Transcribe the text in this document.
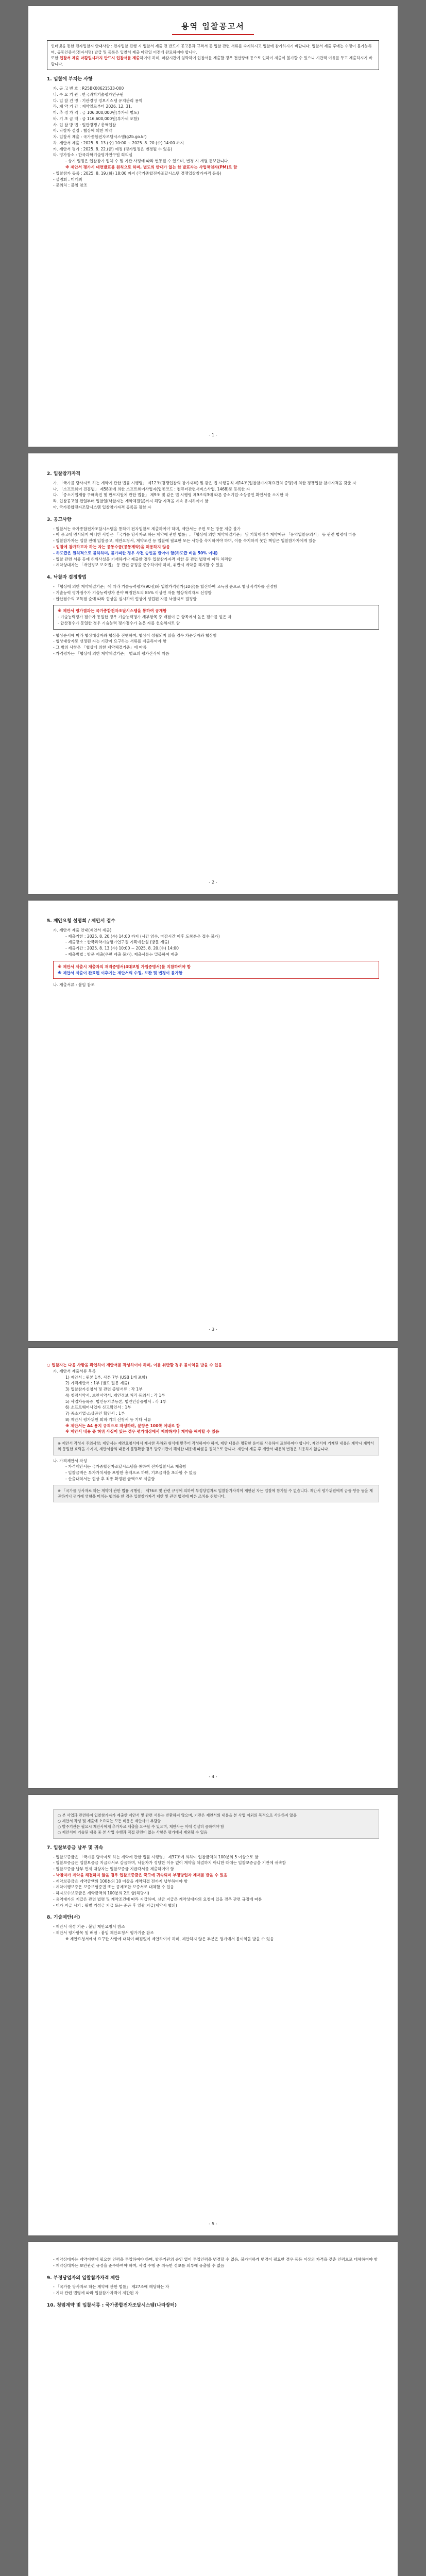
용역 입찰공고서
인터넷을 통한 전자입찰시 안내사항 : 전자입찰 진행 시 입찰서 제출 전 반드시 공고문과 규격서 등 입찰 관련 서류를 숙지하시고 입찰에 참가하시기 바랍니다. 입찰서 제출 후에는 수정이 불가능하며, 공동인증서(전자서명) 발급 및 등록은 입찰서 제출 마감일 이전에 완료하여야 합니다.
또한 입찰서 제출 마감일시까지 반드시 입찰서를 제출하여야 하며, 마감시간에 임박하여 입찰서를 제출할 경우 전산장애 등으로 인하여 제출이 불가할 수 있으니 시간적 여유를 두고 제출하시기 바랍니다.
1. 입찰에 부치는 사항
가. 공 고 번 호 : R25BK00621533-000
나. 수 요 기 관 : 한국과학기술평가연구원
다. 입 찰 건 명 : 기관경영 정보시스템 유지관리 용역
라. 계 약 기 간 : 계약일로부터 2026. 12. 31.
마. 추 정 가 격 : 금 106,000,000원(부가세 별도)
바. 기 초 금 액 : 금 116,600,000원(부가세 포함)
사. 입 찰 방 법 : 일반경쟁 / 총액입찰
아. 낙찰자 결정 : 협상에 의한 계약
자. 입찰서 제출 : 국가종합전자조달시스템(g2b.go.kr)
차. 제안서 제출 : 2025. 8. 13.(수) 10:00 ~ 2025. 8. 20.(수) 14:00 까지
카. 제안서 평가 : 2025. 8. 22.(금) 예정 (평가일정은 변경될 수 있음)
타. 평가장소 : 한국과학기술평가연구원 회의실
- 상기 일정은 입찰참가 업체 수 및 기관 사정에 따라 변동될 수 있으며, 변경 시 개별 통보합니다.
※ 제안서 평가시 대면발표를 원칙으로 하며, 별도의 안내가 없는 한 발표자는 사업책임자(PM)로 함
- 입찰참가 등록 : 2025. 8. 19.(화) 18:00 까지 (국가종합전자조달시스템 경쟁입찰참가자격 등록)
- 설명회 : 미개최
- 문의처 : 붙임 참조
- 1 -
2. 입찰참가자격
가. 「국가를 당사자로 하는 계약에 관한 법률 시행령」 제12조(경쟁입찰의 참가자격) 및 같은 법 시행규칙 제14조(입찰참가자격요건의 증명)에 의한 경쟁입찰 참가자격을 갖춘 자
나. 「소프트웨어 진흥법」 제58조에 의한 소프트웨어사업자(업종코드 : 컴퓨터관련서비스사업, 1468)로 등록한 자
다. 「중소기업제품 구매촉진 및 판로지원에 관한 법률」 제9조 및 같은 법 시행령 제9조의3에 따른 중소기업·소상공인 확인서를 소지한 자
라. 입찰공고일 전일부터 입찰일(낙찰자는 계약체결일)까지 해당 자격을 계속 유지하여야 함
마. 국가종합전자조달시스템 입찰참가자격 등록을 필한 자
3. 공고사항
- 입찰서는 국가종합전자조달시스템을 통하여 전자입찰로 제출하여야 하며, 제안서는 우편 또는 방문 제출 불가
- 이 공고에 명시되지 아니한 사항은 「국가를 당사자로 하는 계약에 관한 법률」, 「협상에 의한 계약체결기준」 및 기획재정부 계약예규 「용역입찰유의서」 등 관련 법령에 따름
- 입찰참가자는 입찰 전에 입찰공고, 제안요청서, 계약조건 등 입찰에 필요한 모든 사항을 숙지하여야 하며, 이를 숙지하지 못한 책임은 입찰참가자에게 있음
- 입찰에 참가하고자 하는 자는 공동수급(공동계약)을 허용하지 않음
- 하도급은 원칙적으로 불허하며, 불가피한 경우 사전 승인을 받아야 함(하도급 비율 50% 이내)
- 입찰 관련 서류 등에 허위사실을 기재하거나 제출한 경우 입찰참가자격 제한 등 관련 법령에 따라 처리함
- 계약상대자는 「개인정보 보호법」 등 관련 규정을 준수하여야 하며, 위반시 계약을 해지할 수 있음
4. 낙찰자 결정방법
- 「협상에 의한 계약체결기준」에 따라 기술능력평가(90점)와 입찰가격평가(10점)를 합산하여 고득점 순으로 협상적격자를 선정함
- 기술능력 평가점수가 기술능력평가 분야 배점한도의 85% 이상인 자를 협상적격자로 선정함
- 합산점수의 고득점 순에 따라 협상을 실시하여 협상이 성립된 자를 낙찰자로 결정함
※ 제안서 평가결과는 국가종합전자조달시스템을 통하여 공개함
- 기술능력평가 점수가 동일한 경우 기술능력평가 세부항목 중 배점이 큰 항목에서 높은 점수를 얻은 자
- 합산점수가 동일한 경우 기술능력 평가점수가 높은 자를 선순위자로 함
- 협상순서에 따라 협상대상자와 협상을 진행하며, 협상이 성립되지 않을 경우 차순위자와 협상함
- 협상대상자로 선정된 자는 기관이 요구하는 서류를 제출하여야 함
- 그 밖의 사항은 「협상에 의한 계약체결기준」에 따름
- 가격평가는 「협상에 의한 계약체결기준」 별표의 평가산식에 따름
- 2 -
5. 제안요청 설명회 / 제안서 접수
가. 제안서 제출 안내(제안서 제출)
- 제출기한 : 2025. 8. 20.(수) 14:00 까지 (시간 엄수, 마감시간 이후 도착분은 접수 불가)
- 제출장소 : 한국과학기술평가연구원 기획예산실 (방문 제출)
- 제출기간 : 2025. 8. 13.(수) 10:00 ~ 2025. 8. 20.(수) 14:00
- 제출방법 : 방문 제출(우편 제출 불가), 제출서류는 밀봉하여 제출
※ 제안서 제출시 제출자의 재직증명서(4대보험 가입증명서)를 지참하여야 함
※ 제안서 제출이 완료된 이후에는 제안서의 수정, 보완 및 변경이 불가함
나. 제출서류 : 붙임 참조
- 3 -
○ 입찰자는 다음 사항을 확인하여 제안서를 작성하여야 하며, 이를 위반할 경우 불이익을 받을 수 있음
가. 제안서 제출서류 목록
1) 제안서 : 원본 1부, 사본 7부 (USB 1개 포함)
2) 가격제안서 : 1부 (별도 밀봉 제출)
3) 입찰참가신청서 및 관련 증빙서류 : 각 1부
4) 청렴서약서, 보안서약서, 개인정보 처리 동의서 : 각 1부
5) 사업자등록증, 법인등기부등본, 법인인감증명서 : 각 1부
6) 소프트웨어사업자 신고확인서 : 1부
7) 중소기업·소상공인 확인서 : 1부
8) 제안서 평가위원 회피·기피 신청서 등 기타 서류
※ 제안서는 A4 용지 규격으로 작성하며, 분량은 100쪽 이내로 함
※ 제안서 내용 중 허위 사실이 있는 경우 평가대상에서 제외하거나 계약을 해지할 수 있음
※ 제안서 작성시 주의사항: 제안서는 제안요청서에서 제시한 목차와 형식에 맞추어 작성하여야 하며, 제안 내용은 명확한 용어를 사용하여 표현하여야 합니다. 제안서에 기재된 내용은 계약시 계약서와 동일한 효력을 가지며, 제안서상의 내용이 불명확한 경우 발주기관이 해석한 내용에 따름을 원칙으로 합니다. 제안서 제출 후 제안서 내용의 변경은 허용하지 않습니다.
나. 가격제안서 작성
- 가격제안서는 국가종합전자조달시스템을 통하여 전자입찰서로 제출함
- 입찰금액은 부가가치세를 포함한 총액으로 하며, 기초금액을 초과할 수 없음
- 산출내역서는 협상 후 최종 확정된 금액으로 제출함
※ 「국가를 당사자로 하는 계약에 관한 법률 시행령」 제76조 및 관련 규정에 의하여 부정당업자로 입찰참가자격이 제한된 자는 입찰에 참가할 수 없습니다. 제안서 평가위원에게 금품·향응 등을 제공하거나 평가에 영향을 미치는 행위를 한 경우 입찰참가자격 제한 및 관련 법령에 따른 조치를 취합니다.
- 4 -
○ 본 사업과 관련하여 입찰참가자가 제출한 제안서 및 관련 서류는 반환하지 않으며, 기관은 제안서의 내용을 본 사업 이외의 목적으로 사용하지 않음
○ 제안서 작성 및 제출에 소요되는 모든 비용은 제안사가 부담함
○ 발주기관은 필요시 제안사에게 추가자료 제출을 요구할 수 있으며, 제안사는 이에 성실히 응하여야 함
○ 제안서에 기술된 내용 중 본 사업 수행과 직접 관련이 없는 사항은 평가에서 제외될 수 있음
7. 입찰보증금 납부 및 귀속
- 입찰보증금은 「국가를 당사자로 하는 계약에 관한 법률 시행령」 제37조에 의하여 입찰금액의 100분의 5 이상으로 함
- 입찰보증금은 입찰보증금 지급각서로 갈음하며, 낙찰자가 정당한 이유 없이 계약을 체결하지 아니한 때에는 입찰보증금을 기관에 귀속함
- 입찰보증금 납부 면제 대상자는 입찰보증금 지급각서를 제출하여야 함
- 낙찰자가 계약을 체결하지 않을 경우 입찰보증금은 국고에 귀속되며 부정당업자 제재를 받을 수 있음
- 계약보증금은 계약금액의 100분의 10 이상을 계약체결 전까지 납부하여야 함
- 계약이행보증은 보증보험증권 또는 공제조합 보증서로 대체할 수 있음
- 하자보수보증금은 계약금액의 100분의 2로 함(해당시)
- 용역대가의 지급은 관련 법령 및 계약조건에 따라 지급하며, 선금 지급은 계약상대자의 요청이 있을 경우 관련 규정에 따름
- 대가 지급 시기 : 월별 기성금 지급 또는 준공 후 일괄 지급(계약시 협의)
8. 기술제안(서)
- 제안서 작성 기준 : 붙임 제안요청서 참조
- 제안서 평가항목 및 배점 : 붙임 제안요청서 평가기준 참조
※ 제안요청서에서 요구한 사항에 대하여 빠짐없이 제안하여야 하며, 제안하지 않은 부분은 평가에서 불이익을 받을 수 있음
- 5 -
- 계약상대자는 계약이행에 필요한 인력을 투입하여야 하며, 발주기관의 승인 없이 투입인력을 변경할 수 없음. 불가피하게 변경이 필요한 경우 동등 이상의 자격을 갖춘 인력으로 대체하여야 함
- 계약상대자는 보안관련 규정을 준수하여야 하며, 사업 수행 중 취득한 정보를 외부에 유출할 수 없음
9. 부정당업자의 입찰참가자격 제한
- 「국가를 당사자로 하는 계약에 관한 법률」 제27조에 해당하는 자
- 기타 관련 법령에 따라 입찰참가자격이 제한된 자
10. 청렴계약 및 입찰서류 : 국가종합전자조달시스템(나라장터)
